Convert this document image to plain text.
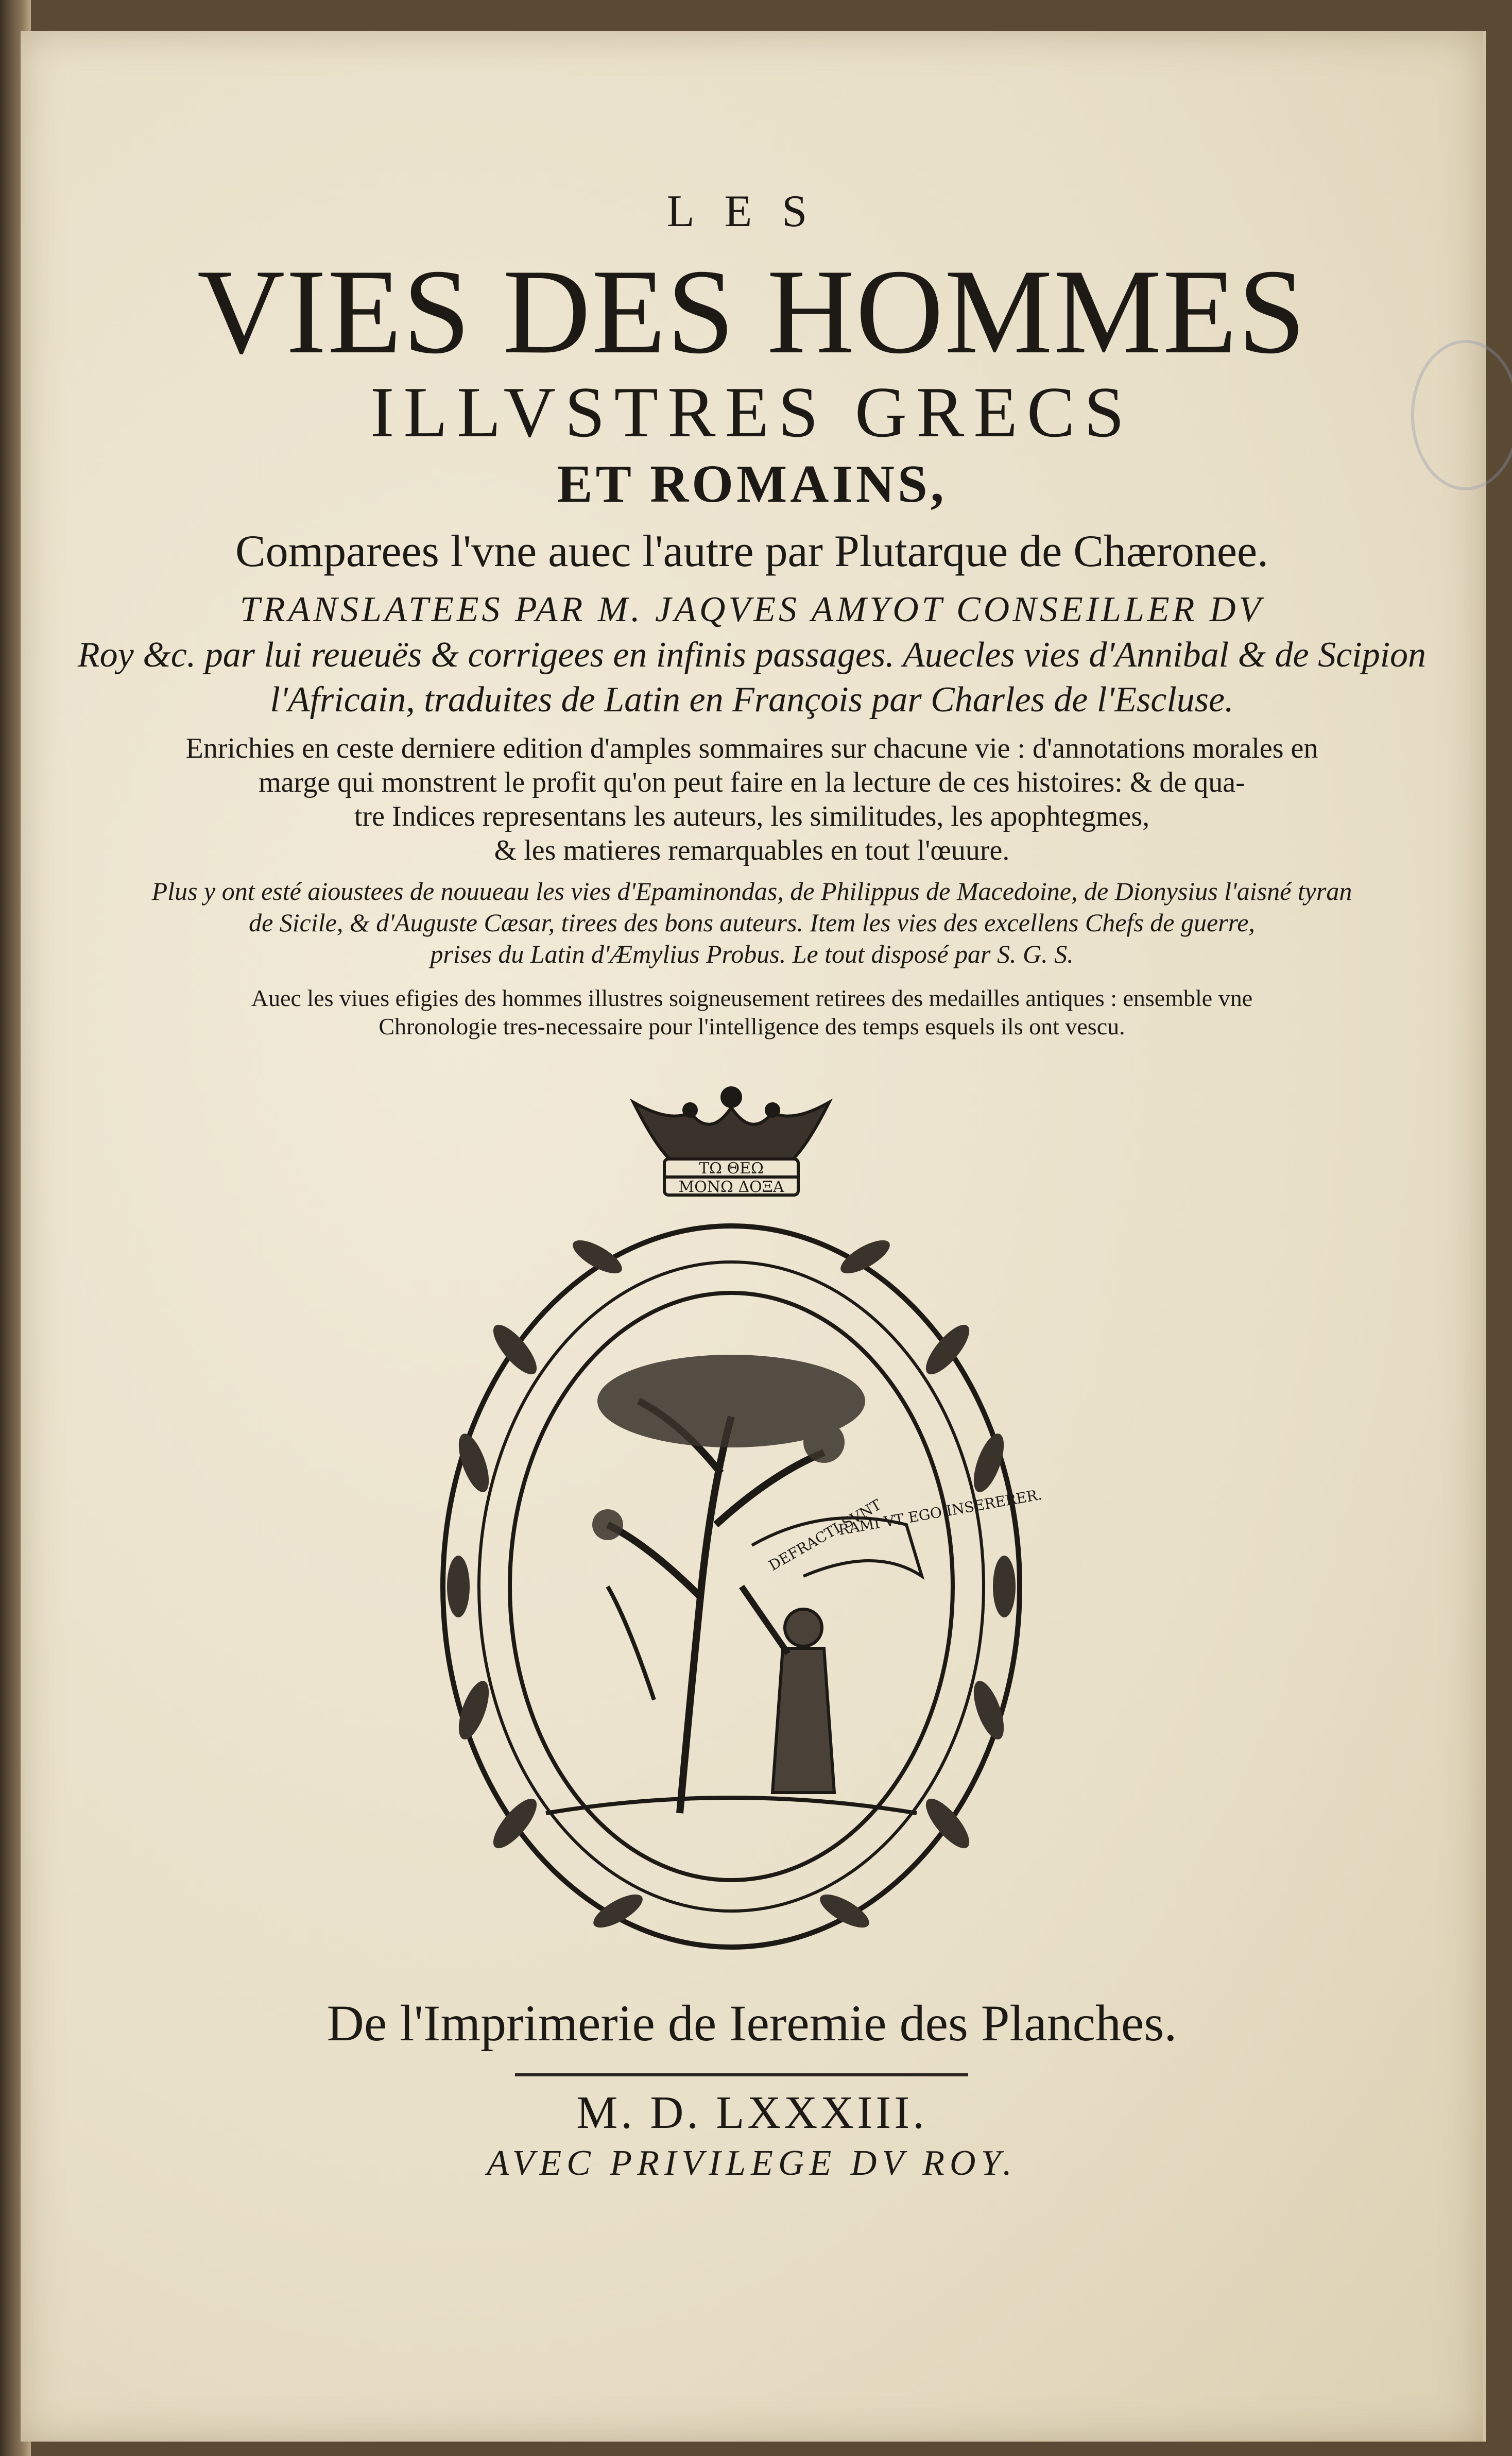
LES
VIES DES HOMMES
ILLVSTRES GRECS
ET ROMAINS,
Comparees l'vne auec l'autre par Plutarque de Chæronee.
TRANSLATEES PAR M. JAQVES AMYOT CONSEILLER DV
Roy &c. par lui reueuës & corrigees en infinis passages. Auecles vies d'Annibal & de Scipion
l'Africain, traduites de Latin en François par Charles de l'Escluse.
Enrichies en ceste derniere edition d'amples sommaires sur chacune vie : d'annotations morales en
marge qui monstrent le profit qu'on peut faire en la lecture de ces histoires: & de qua-
tre Indices representans les auteurs, les similitudes, les apophtegmes,
& les matieres remarquables en tout l'œuure.
Plus y ont esté aioustees de nouueau les vies d'Epaminondas, de Philippus de Macedoine, de Dionysius l'aisné tyran
de Sicile, & d'Auguste Cæsar, tirees des bons auteurs. Item les vies des excellens Chefs de guerre,
prises du Latin d'Æmylius Probus. Le tout disposé par S. G. S.
Auec les viues efigies des hommes illustres soigneusement retirees des medailles antiques : ensemble vne
Chronologie tres-necessaire pour l'intelligence des temps esquels ils ont vescu.
ΤΩ ΘΕΩ
ΜΟΝΩ ΔΟΞΑ
RAMI VT EGO INSERERER.
DEFRACTI SVNT
De l'Imprimerie de Ieremie des Planches.
M. D. LXXXIII.
AVEC PRIVILEGE DV ROY.
